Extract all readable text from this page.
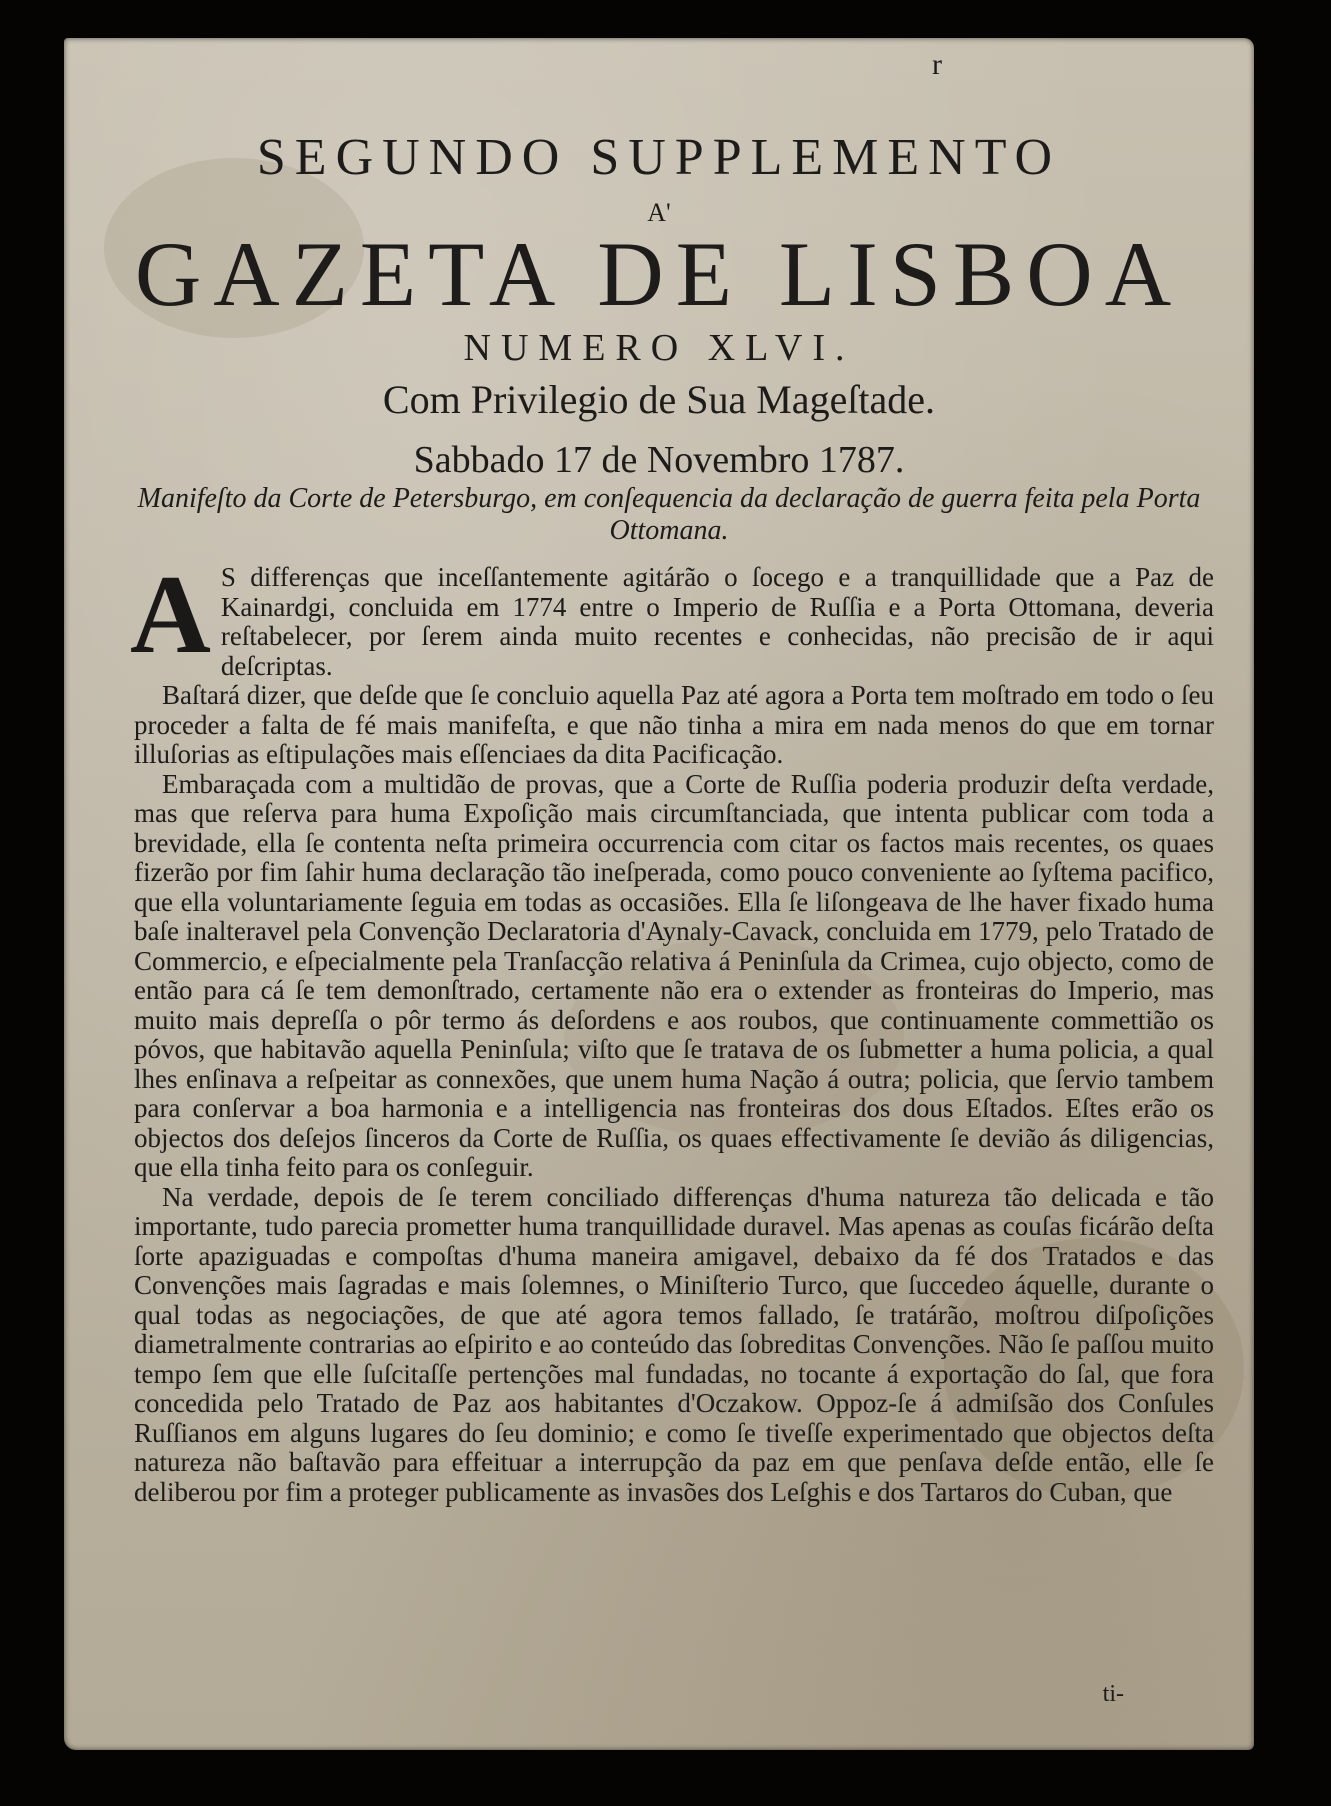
r
SEGUNDO SUPPLEMENTO
A'
GAZETA DE LISBOA
NUMERO XLVI.
Com Privilegio de Sua Mageſtade.
Sabbado 17 de Novembro 1787.
Manifeſto da Corte de Petersburgo, em conſequencia da declaração de guerra feita pela Porta Ottomana.

A S differenças que inceſſantemente agitárão o ſocego e a tranquillidade que a Paz de Kainardgi, concluida em 1774 entre o Imperio de Ruſſia e a Porta Ottomana, deveria reſtabelecer, por ſerem ainda muito recentes e conhecidas, não precisão de ir aqui deſcriptas.

Baſtará dizer, que deſde que ſe concluio aquella Paz até agora a Porta tem moſtrado em todo o ſeu proceder a falta de fé mais manifeſta, e que não tinha a mira em nada menos do que em tornar illuſorias as eſtipulações mais eſſenciaes da dita Pacificação.

Embaraçada com a multidão de provas, que a Corte de Ruſſia poderia produzir deſta verdade, mas que reſerva para huma Expoſição mais circumſtanciada, que intenta publicar com toda a brevidade, ella ſe contenta neſta primeira occurrencia com citar os factos mais recentes, os quaes fizerão por fim ſahir huma declaração tão ineſperada, como pouco conveniente ao ſyſtema pacifico, que ella voluntariamente ſeguia em todas as occasiões. Ella ſe liſongeava de lhe haver fixado huma baſe inalteravel pela Convenção Declaratoria d'Aynaly-Cavack, concluida em 1779, pelo Tratado de Commercio, e eſpecialmente pela Tranſacção relativa á Peninſula da Crimea, cujo objecto, como de então para cá ſe tem demonſtrado, certamente não era o extender as fronteiras do Imperio, mas muito mais depreſſa o pôr termo ás deſordens e aos roubos, que continuamente commettião os póvos, que habitavão aquella Peninſula; viſto que ſe tratava de os ſubmetter a huma policia, a qual lhes enſinava a reſpeitar as connexões, que unem huma Nação á outra; policia, que ſervio tambem para conſervar a boa harmonia e a intelligencia nas fronteiras dos dous Eſtados. Eſtes erão os objectos dos deſejos ſinceros da Corte de Ruſſia, os quaes effectivamente ſe devião ás diligencias, que ella tinha feito para os conſeguir.

Na verdade, depois de ſe terem conciliado differenças d'huma natureza tão delicada e tão importante, tudo parecia prometter huma tranquillidade duravel. Mas apenas as couſas ficárão deſta ſorte apaziguadas e compoſtas d'huma maneira amigavel, debaixo da fé dos Tratados e das Convenções mais ſagradas e mais ſolemnes, o Miniſterio Turco, que ſuccedeo áquelle, durante o qual todas as negociações, de que até agora temos fallado, ſe tratárão, moſtrou diſpoſições diametralmente contrarias ao eſpirito e ao conteúdo das ſobreditas Convenções. Não ſe paſſou muito tempo ſem que elle ſuſcitaſſe pertenções mal fundadas, no tocante á exportação do ſal, que fora concedida pelo Tratado de Paz aos habitantes d'Oczakow. Oppoz-ſe á admiſsão dos Conſules Ruſſianos em alguns lugares do ſeu dominio; e como ſe tiveſſe experimentado que objectos deſta natureza não baſtavão para effeituar a interrupção da paz em que penſava deſde então, elle ſe deliberou por fim a proteger publicamente as invasões dos Leſghis e dos Tartaros do Cuban, que

ti-
